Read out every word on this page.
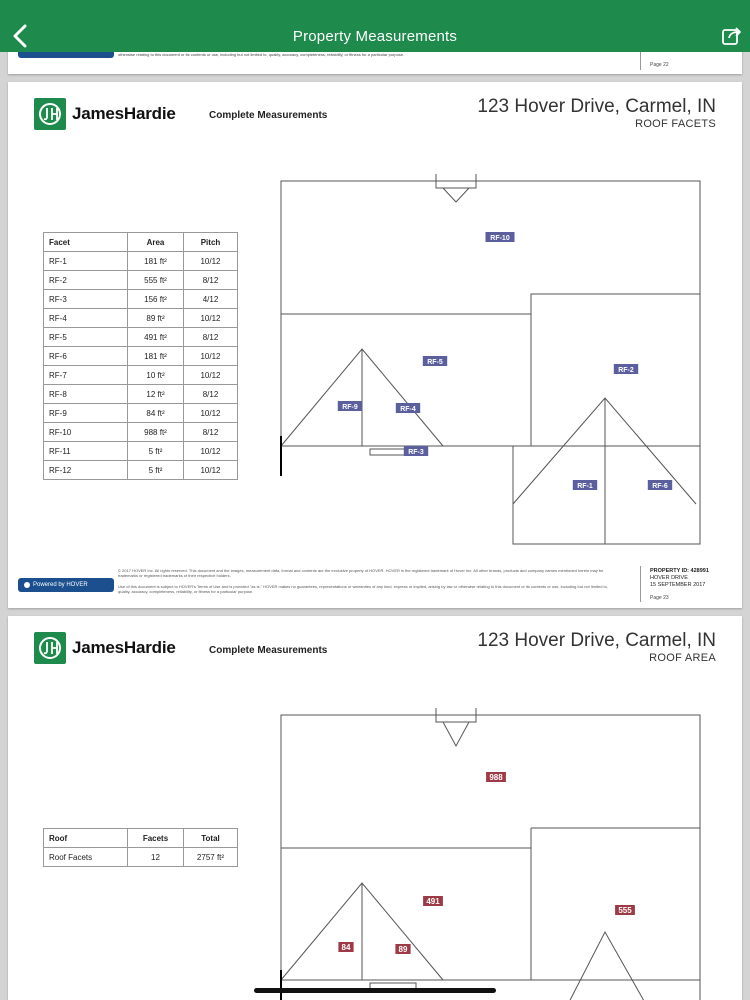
Property Measurements
otherwise relating to this document or its contents or use, including but not limited to, quality, accuracy, completeness, reliability, or fitness for a particular purpose.
Page 22
JamesHardie	Complete Measurements	123 Hover Drive, Carmel, IN
ROOF FACETS
Facet	Area	Pitch
RF-1	181 ft²	10/12
RF-2	555 ft²	8/12
RF-3	156 ft²	4/12
RF-4	89 ft²	10/12
RF-5	491 ft²	8/12
RF-6	181 ft²	10/12
RF-7	10 ft²	10/12
RF-8	12 ft²	8/12
RF-9	84 ft²	10/12
RF-10	988 ft²	8/12
RF-11	5 ft²	10/12
RF-12	5 ft²	10/12
RF-10
RF-5
RF-2
RF-9	RF-4
RF-3
RF-1	RF-6
Powered by HOVER
© 2017 HOVER Inc. All rights reserved. This document and the images, measurement data, format and contents are the exclusive property of HOVER. HOVER is the registered trademark of Hover Inc. All other brands, products and company names mentioned herein may be trademarks or registered trademarks of their respective holders.
Use of this document is subject to HOVER's Terms of Use and is provided "as is." HOVER makes no guarantees, representations or warranties of any kind, express or implied, arising by law or otherwise relating to this document or its contents or use, including but not limited to, quality, accuracy, completeness, reliability, or fitness for a particular purpose.
PROPERTY ID: 428991
HOVER DRIVE
15 SEPTEMBER 2017
Page 23
JamesHardie	Complete Measurements	123 Hover Drive, Carmel, IN
ROOF AREA
Roof	Facets	Total
Roof Facets	12	2757 ft²
988
491
555
84	89
